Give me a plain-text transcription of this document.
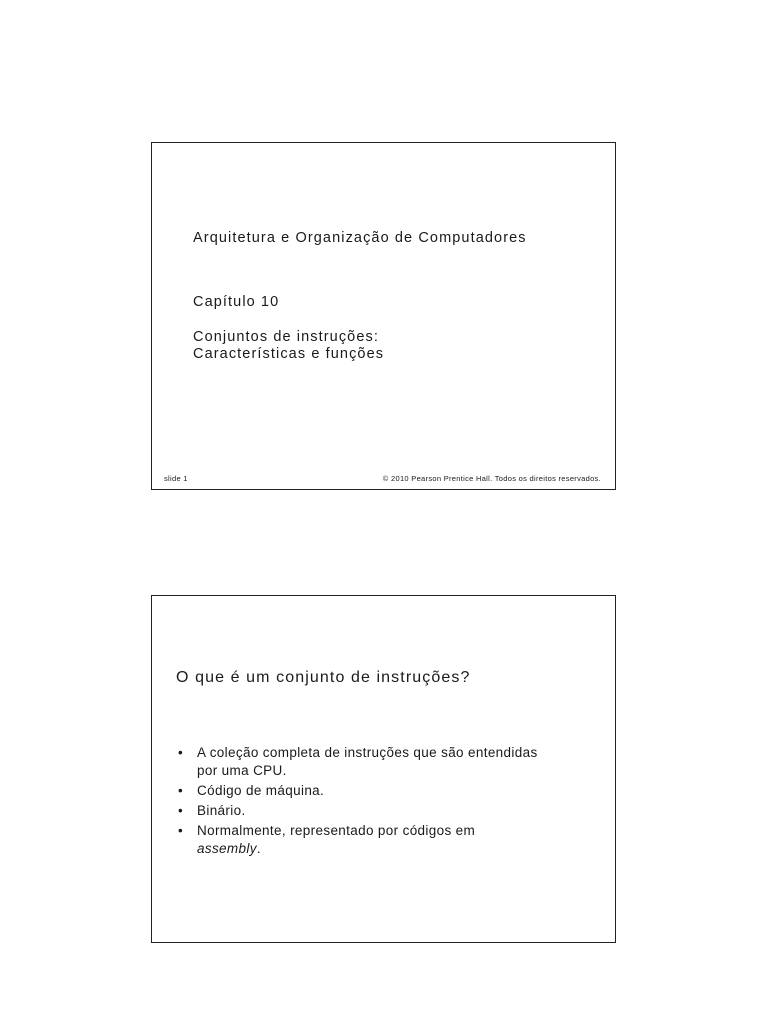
Arquitetura e Organização de Computadores
Capítulo 10
Conjuntos de instruções:
Características e funções
slide 1	© 2010 Pearson Prentice Hall. Todos os direitos reservados.
O que é um conjunto de instruções?
• A coleção completa de instruções que são entendidas
por uma CPU.
• Código de máquina.
• Binário.
• Normalmente, representado por códigos em
assembly.
